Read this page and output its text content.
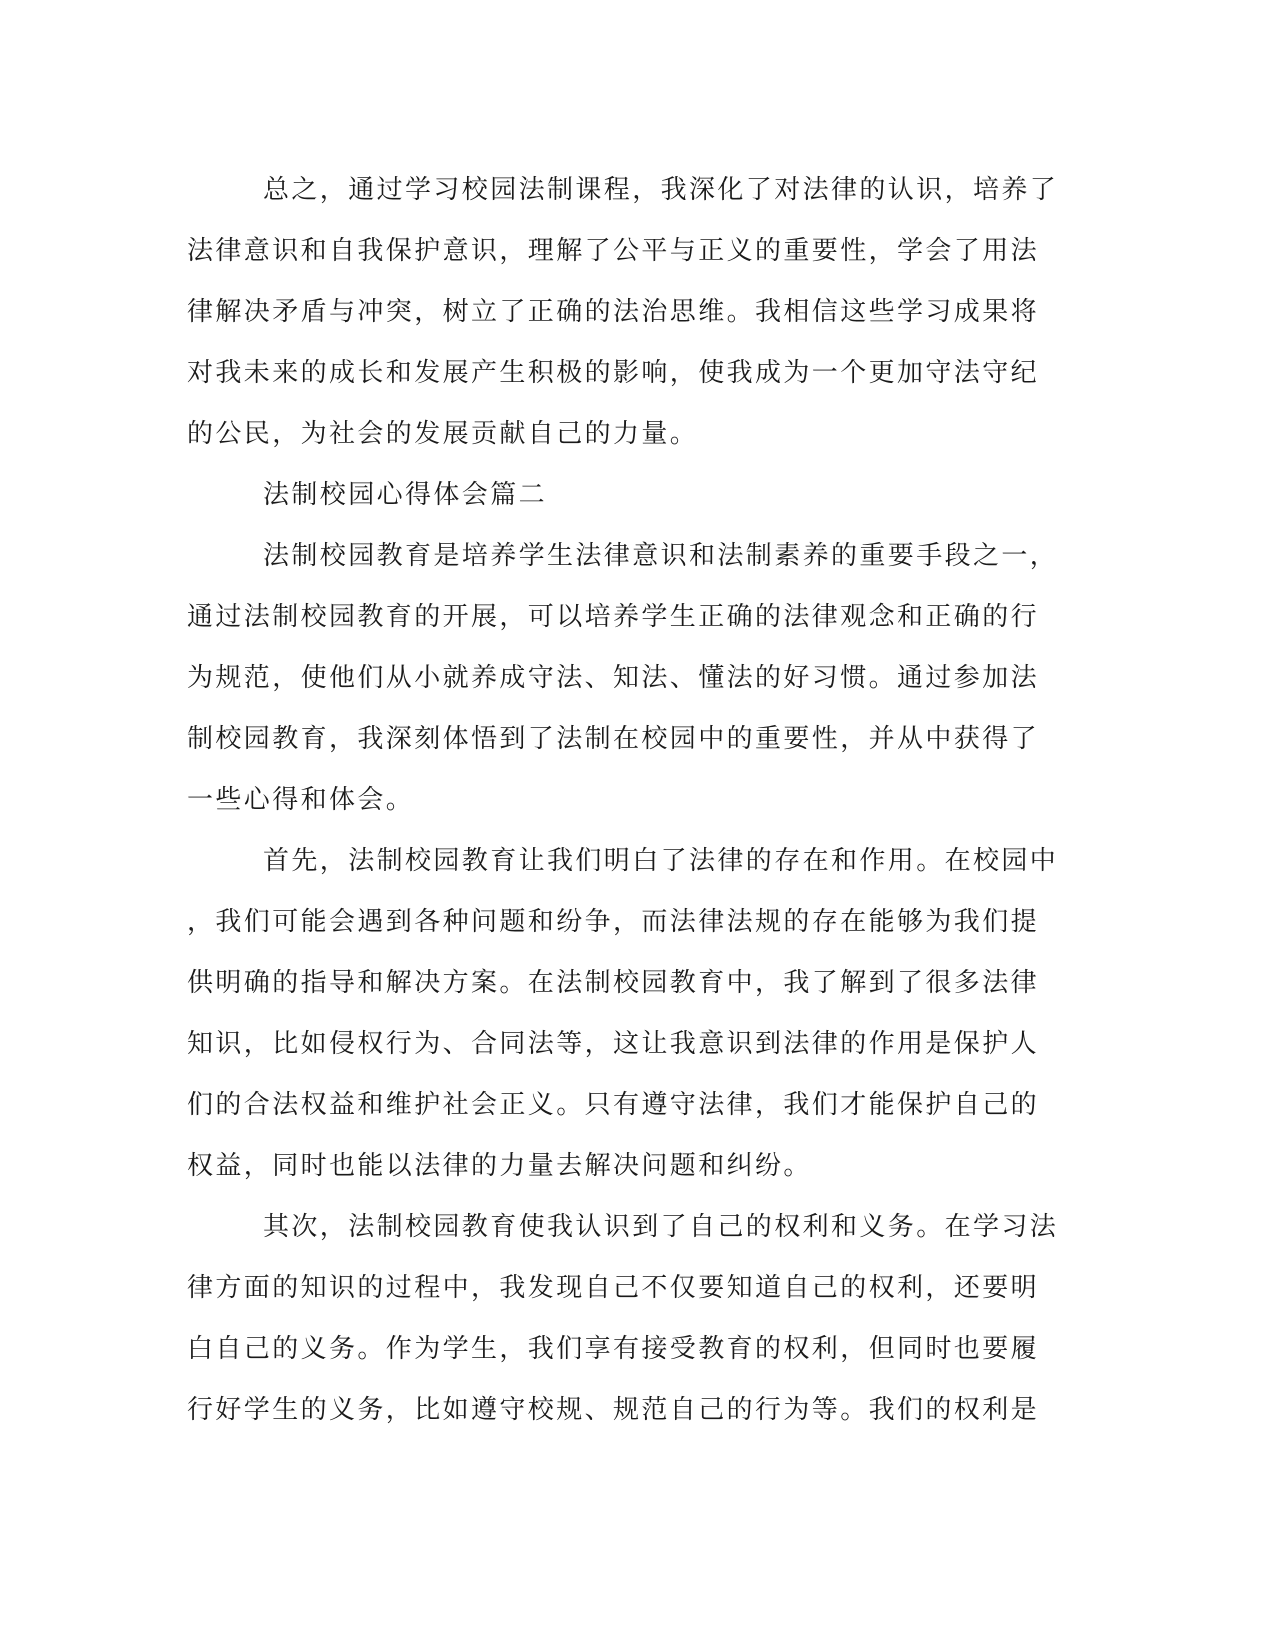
总之，通过学习校园法制课程，我深化了对法律的认识，培养了
法律意识和自我保护意识，理解了公平与正义的重要性，学会了用法
律解决矛盾与冲突，树立了正确的法治思维。我相信这些学习成果将
对我未来的成长和发展产生积极的影响，使我成为一个更加守法守纪
的公民，为社会的发展贡献自己的力量。
法制校园心得体会篇二
法制校园教育是培养学生法律意识和法制素养的重要手段之一，
通过法制校园教育的开展，可以培养学生正确的法律观念和正确的行
为规范，使他们从小就养成守法、知法、懂法的好习惯。通过参加法
制校园教育，我深刻体悟到了法制在校园中的重要性，并从中获得了
一些心得和体会。
首先，法制校园教育让我们明白了法律的存在和作用。在校园中
，我们可能会遇到各种问题和纷争，而法律法规的存在能够为我们提
供明确的指导和解决方案。在法制校园教育中，我了解到了很多法律
知识，比如侵权行为、合同法等，这让我意识到法律的作用是保护人
们的合法权益和维护社会正义。只有遵守法律，我们才能保护自己的
权益，同时也能以法律的力量去解决问题和纠纷。
其次，法制校园教育使我认识到了自己的权利和义务。在学习法
律方面的知识的过程中，我发现自己不仅要知道自己的权利，还要明
白自己的义务。作为学生，我们享有接受教育的权利，但同时也要履
行好学生的义务，比如遵守校规、规范自己的行为等。我们的权利是
